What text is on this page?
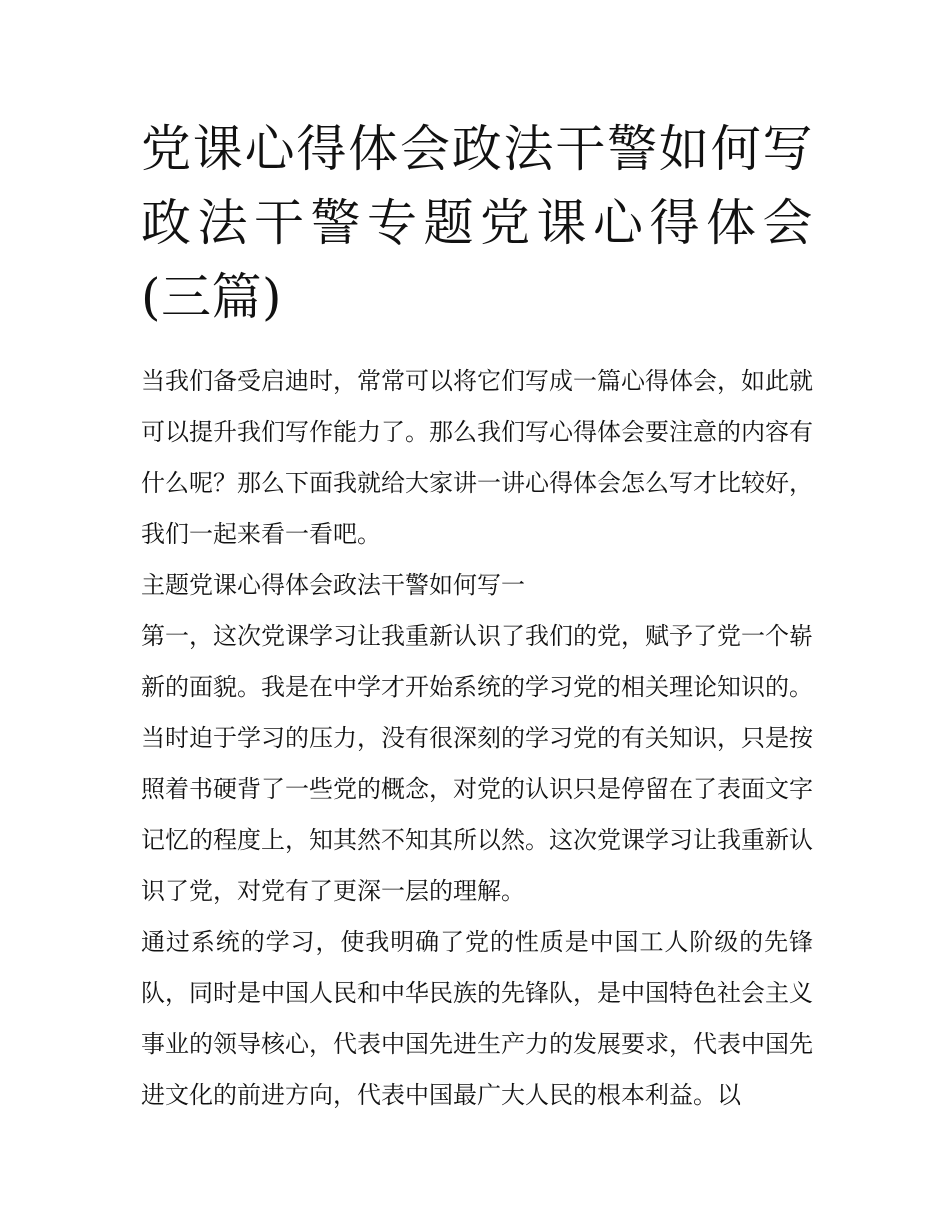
党课心得体会政法干警如何写政法干警专题党课心得体会(三篇)

当我们备受启迪时，常常可以将它们写成一篇心得体会，如此就可以提升我们写作能力了。那么我们写心得体会要注意的内容有什么呢？那么下面我就给大家讲一讲心得体会怎么写才比较好，我们一起来看一看吧。

主题党课心得体会政法干警如何写一

第一，这次党课学习让我重新认识了我们的党，赋予了党一个崭新的面貌。我是在中学才开始系统的学习党的相关理论知识的。当时迫于学习的压力，没有很深刻的学习党的有关知识，只是按照着书硬背了一些党的概念，对党的认识只是停留在了表面文字记忆的程度上，知其然不知其所以然。这次党课学习让我重新认识了党，对党有了更深一层的理解。

通过系统的学习，使我明确了党的性质是中国工人阶级的先锋队，同时是中国人民和中华民族的先锋队，是中国特色社会主义事业的领导核心，代表中国先进生产力的发展要求，代表中国先进文化的前进方向，代表中国最广大人民的根本利益。以
